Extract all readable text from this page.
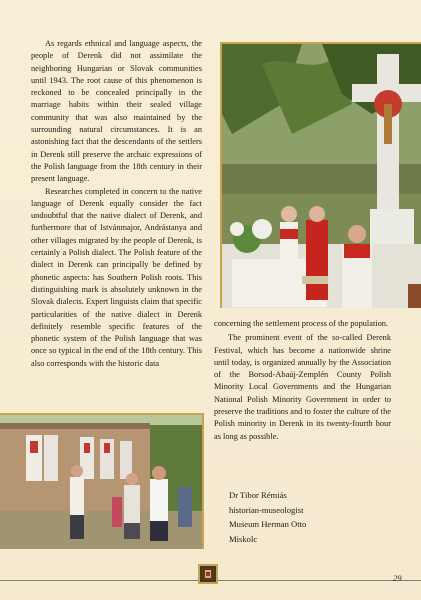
As regards ethnical and language aspects, the people of Derenk did not assimilate the neighboring Hungarian or Slovak communities until 1943. The root cause of this phenomenon is reckoned to be concealed principally in the marriage habits within their sealed village community that was also maintained by the surrounding natural circumstances. It is an astonishing fact that the descendants of the settlers in Derenk still preserve the archaic expressions of the Polish language from the 18th century in their present language.

Researches completed in concern to the native language of Derenk equally consider the fact undoubtful that the native dialect of Derenk, and furthermore that of Istvánmajor, Andrástanya and other villages migrated by the people of Derenk, is certainly a Polish dialect. The Polish feature of the dialect in Derenk can principally be defined by phonetic aspects: has Southern Polish roots. This distinguishing mark is absolutely unknown in the Slovak dialects. Expert linguists claim that specific particularities of the native dialect in Derenk definitely resemble specific features of the phonetic system of the Polish language that was once so typical in the end of the 18th century. This also corresponds with the historic data

concerning the settlement process of the population.

The prominent event of the so-called Derenk Festival, which has become a nationwide shrine until today, is organized annually by the Association of the Borsod-Abaúj-Zemplén County Polish Minority Local Governments and the Hungarian National Polish Minority Government in order to preserve the traditions and to foster the culture of the Polish minority in Derenk in its twenty-fourth hour as long as possible.

Dr Tibor Rémiás
historian-museologist
Museum Herman Otto
Miskolc
29
